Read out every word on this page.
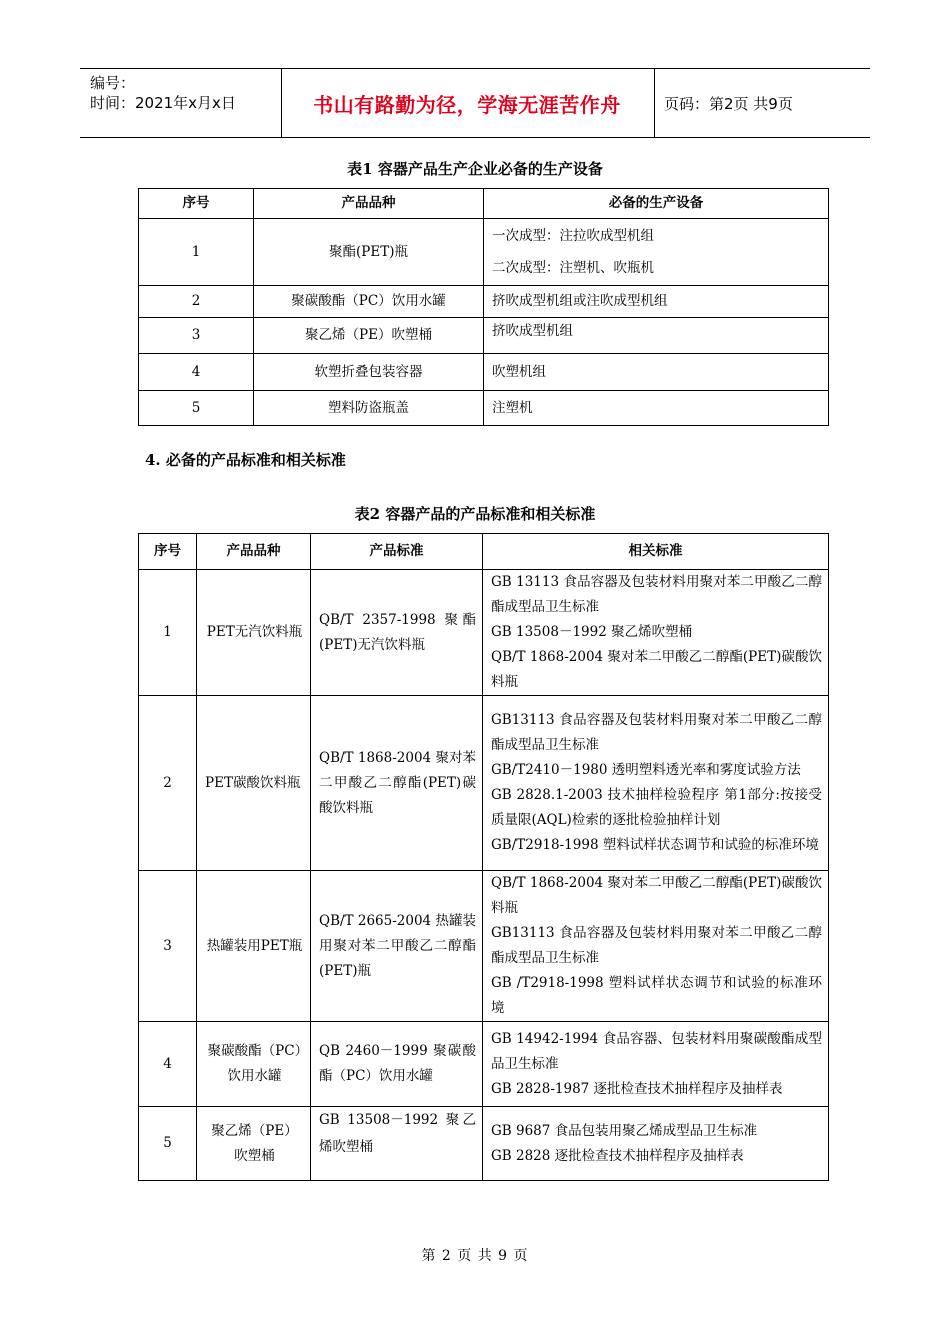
编号：
时间：2021年x月x日	书山有路勤为径，学海无涯苦作舟	页码：第2页 共9页
表1 容器产品生产企业必备的生产设备
序号	产品品种	必备的生产设备
1	聚酯(PET)瓶	一次成型：注拉吹成型机组
二次成型：注塑机、吹瓶机

2	聚碳酸酯（PC）饮用水罐	挤吹成型机组或注吹成型机组
3	聚乙烯（PE）吹塑桶	挤吹成型机组
4	软塑折叠包装容器	吹塑机组
5	塑料防盗瓶盖	注塑机
4. 必备的产品标准和相关标准
表2 容器产品的产品标准和相关标准
序号	产品品种	产品标准	相关标准
1	PET无汽饮料瓶	QB/T 2357-1998 聚酯(PET)无汽饮料瓶	GB 13113 食品容器及包装材料用聚对苯二甲酸乙二醇酯成型品卫生标准
GB 13508－1992 聚乙烯吹塑桶
QB/T 1868-2004 聚对苯二甲酸乙二醇酯(PET)碳酸饮料瓶

2	PET碳酸饮料瓶	QB/T 1868-2004 聚对苯二甲酸乙二醇酯(PET)碳酸饮料瓶	GB13113 食品容器及包装材料用聚对苯二甲酸乙二醇酯成型品卫生标准
GB/T2410－1980 透明塑料透光率和雾度试验方法
GB 2828.1-2003 技术抽样检验程序 第1部分:按接受质量限(AQL)检索的逐批检验抽样计划
GB/T2918-1998 塑料试样状态调节和试验的标准环境

3	热罐装用PET瓶	QB/T 2665-2004 热罐装用聚对苯二甲酸乙二醇酯(PET)瓶	QB/T 1868-2004 聚对苯二甲酸乙二醇酯(PET)碳酸饮料瓶
GB13113 食品容器及包装材料用聚对苯二甲酸乙二醇酯成型品卫生标准
GB /T2918-1998 塑料试样状态调节和试验的标准环境

4	聚碳酸酯（PC）饮用水罐	QB 2460－1999 聚碳酸酯（PC）饮用水罐	GB 14942-1994 食品容器、包装材料用聚碳酸酯成型品卫生标准
GB 2828-1987 逐批检查技术抽样程序及抽样表

5	聚乙烯（PE）吹塑桶	GB 13508－1992 聚乙烯吹塑桶	GB 9687 食品包装用聚乙烯成型品卫生标准
GB 2828 逐批检查技术抽样程序及抽样表
第 2 页 共 9 页
